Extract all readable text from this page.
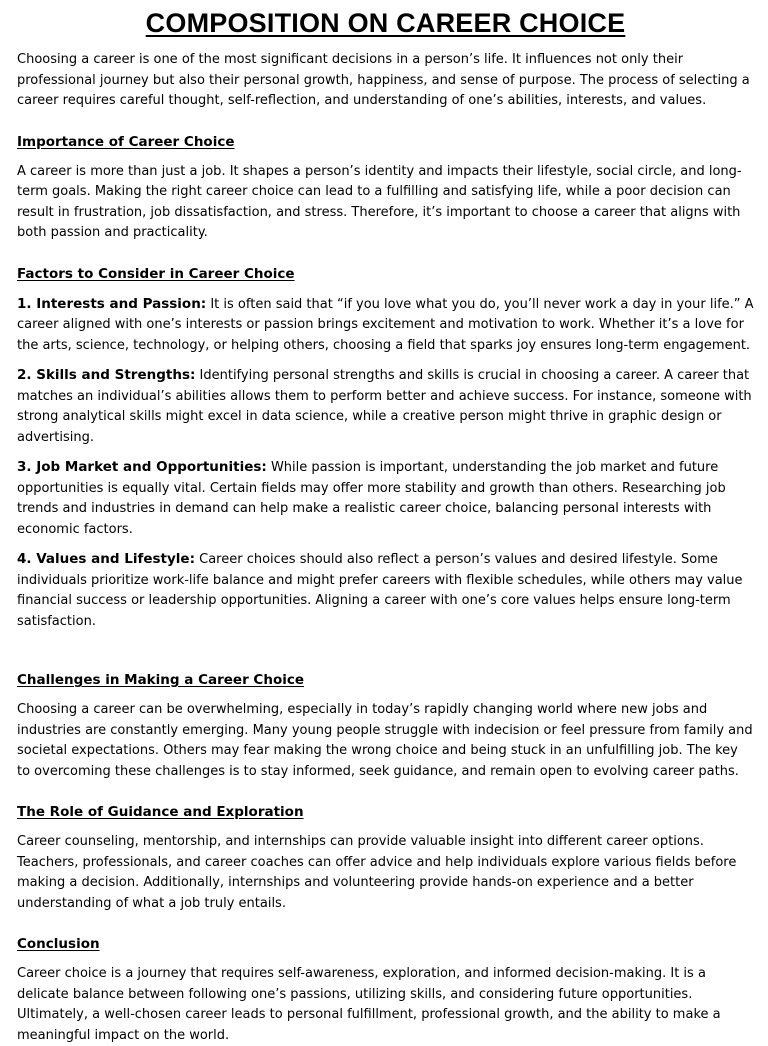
COMPOSITION ON CAREER CHOICE

Choosing a career is one of the most significant decisions in a person’s life. It influences not only their professional journey but also their personal growth, happiness, and sense of purpose. The process of selecting a career requires careful thought, self-reflection, and understanding of one’s abilities, interests, and values.

Importance of Career Choice

A career is more than just a job. It shapes a person’s identity and impacts their lifestyle, social circle, and long-term goals. Making the right career choice can lead to a fulfilling and satisfying life, while a poor decision can result in frustration, job dissatisfaction, and stress. Therefore, it’s important to choose a career that aligns with both passion and practicality.

Factors to Consider in Career Choice

1. Interests and Passion: It is often said that “if you love what you do, you’ll never work a day in your life.” A career aligned with one’s interests or passion brings excitement and motivation to work. Whether it’s a love for the arts, science, technology, or helping others, choosing a field that sparks joy ensures long-term engagement.

2. Skills and Strengths: Identifying personal strengths and skills is crucial in choosing a career. A career that matches an individual’s abilities allows them to perform better and achieve success. For instance, someone with strong analytical skills might excel in data science, while a creative person might thrive in graphic design or advertising.

3. Job Market and Opportunities: While passion is important, understanding the job market and future opportunities is equally vital. Certain fields may offer more stability and growth than others. Researching job trends and industries in demand can help make a realistic career choice, balancing personal interests with economic factors.

4. Values and Lifestyle: Career choices should also reflect a person’s values and desired lifestyle. Some individuals prioritize work-life balance and might prefer careers with flexible schedules, while others may value financial success or leadership opportunities. Aligning a career with one’s core values helps ensure long-term satisfaction.

Challenges in Making a Career Choice

Choosing a career can be overwhelming, especially in today’s rapidly changing world where new jobs and industries are constantly emerging. Many young people struggle with indecision or feel pressure from family and societal expectations. Others may fear making the wrong choice and being stuck in an unfulfilling job. The key to overcoming these challenges is to stay informed, seek guidance, and remain open to evolving career paths.

The Role of Guidance and Exploration

Career counseling, mentorship, and internships can provide valuable insight into different career options. Teachers, professionals, and career coaches can offer advice and help individuals explore various fields before making a decision. Additionally, internships and volunteering provide hands-on experience and a better understanding of what a job truly entails.

Conclusion

Career choice is a journey that requires self-awareness, exploration, and informed decision-making. It is a delicate balance between following one’s passions, utilizing skills, and considering future opportunities. Ultimately, a well-chosen career leads to personal fulfillment, professional growth, and the ability to make a meaningful impact on the world.
